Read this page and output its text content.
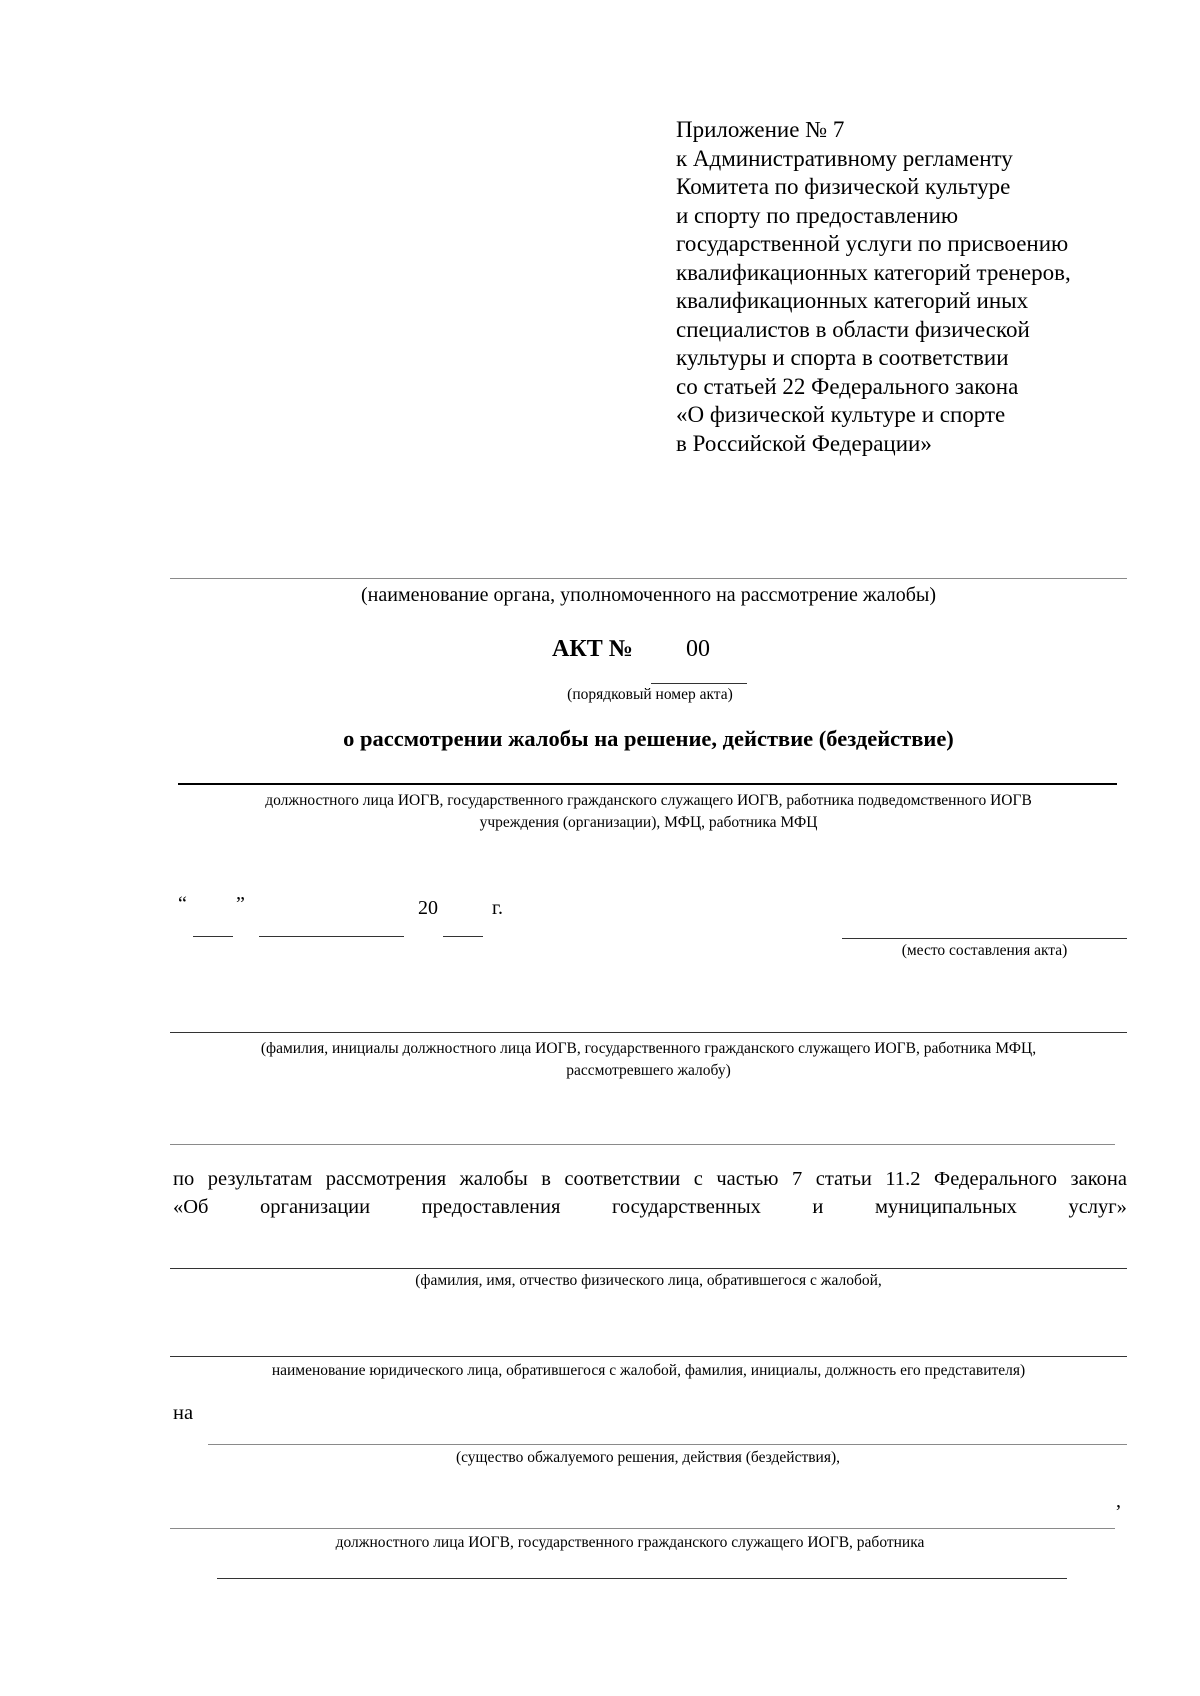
Приложение № 7
к Административному регламенту
Комитета по физической культуре
и спорту по предоставлению
государственной услуги по присвоению
квалификационных категорий тренеров,
квалификационных категорий иных
специалистов в области физической
культуры и спорта в соответствии
со статьей 22 Федерального закона
«О физической культуре и спорте
в Российской Федерации»
(наименование органа, уполномоченного на рассмотрение жалобы)
АКТ № 00
(порядковый номер акта)
о рассмотрении жалобы на решение, действие (бездействие)
должностного лица ИОГВ, государственного гражданского служащего ИОГВ, работника подведомственного ИОГВ
учреждения (организации), МФЦ, работника МФЦ
“ ”	20	г.
(место составления акта)
(фамилия, инициалы должностного лица ИОГВ, государственного гражданского служащего ИОГВ, работника МФЦ,
рассмотревшего жалобу)
по результатам рассмотрения жалобы в соответствии с частью 7 статьи 11.2 Федерального закона
«Об	организации	предоставления	государственных	и	муниципальных	услуг»
(фамилия, имя, отчество физического лица, обратившегося с жалобой,
наименование юридического лица, обратившегося с жалобой, фамилия, инициалы, должность его представителя)
на
(существо обжалуемого решения, действия (бездействия),
,
должностного лица ИОГВ, государственного гражданского служащего ИОГВ, работника
